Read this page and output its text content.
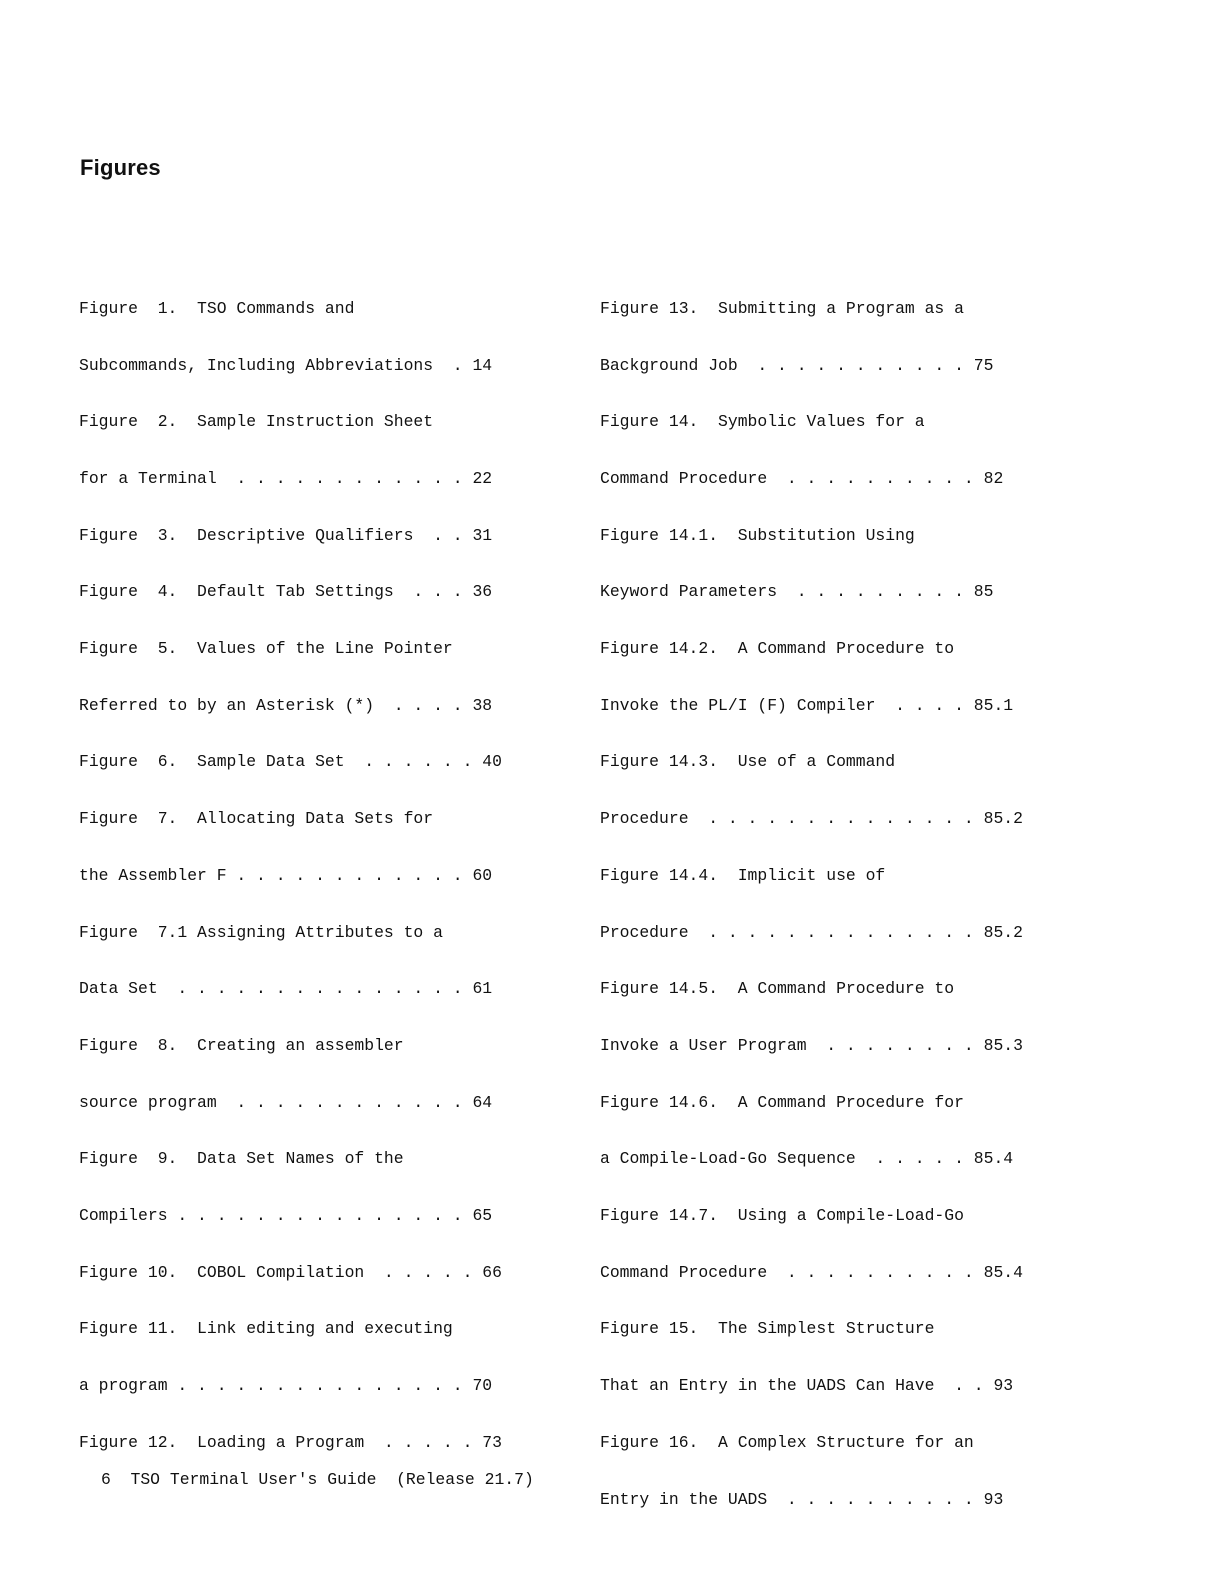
Figures

Figure  1.  TSO Commands and

Subcommands, Including Abbreviations  . 14

Figure  2.  Sample Instruction Sheet

for a Terminal  . . . . . . . . . . . . 22

Figure  3.  Descriptive Qualifiers  . . 31

Figure  4.  Default Tab Settings  . . . 36

Figure  5.  Values of the Line Pointer

Referred to by an Asterisk (*)  . . . . 38

Figure  6.  Sample Data Set  . . . . . . 40

Figure  7.  Allocating Data Sets for

the Assembler F . . . . . . . . . . . . 60

Figure  7.1 Assigning Attributes to a

Data Set  . . . . . . . . . . . . . . . 61

Figure  8.  Creating an assembler

source program  . . . . . . . . . . . . 64

Figure  9.  Data Set Names of the

Compilers . . . . . . . . . . . . . . . 65

Figure 10.  COBOL Compilation  . . . . . 66

Figure 11.  Link editing and executing

a program . . . . . . . . . . . . . . . 70

Figure 12.  Loading a Program  . . . . . 73

Figure 13.  Submitting a Program as a

Background Job  . . . . . . . . . . . 75

Figure 14.  Symbolic Values for a

Command Procedure  . . . . . . . . . . 82

Figure 14.1.  Substitution Using

Keyword Parameters  . . . . . . . . . 85

Figure 14.2.  A Command Procedure to

Invoke the PL/I (F) Compiler  . . . . 85.1

Figure 14.3.  Use of a Command

Procedure  . . . . . . . . . . . . . . 85.2

Figure 14.4.  Implicit use of

Procedure  . . . . . . . . . . . . . . 85.2

Figure 14.5.  A Command Procedure to

Invoke a User Program  . . . . . . . . 85.3

Figure 14.6.  A Command Procedure for

a Compile-Load-Go Sequence  . . . . . 85.4

Figure 14.7.  Using a Compile-Load-Go

Command Procedure  . . . . . . . . . . 85.4

Figure 15.  The Simplest Structure

That an Entry in the UADS Can Have  . . 93

Figure 16.  A Complex Structure for an

Entry in the UADS  . . . . . . . . . . 93

6  TSO Terminal User's Guide  (Release 21.7)
